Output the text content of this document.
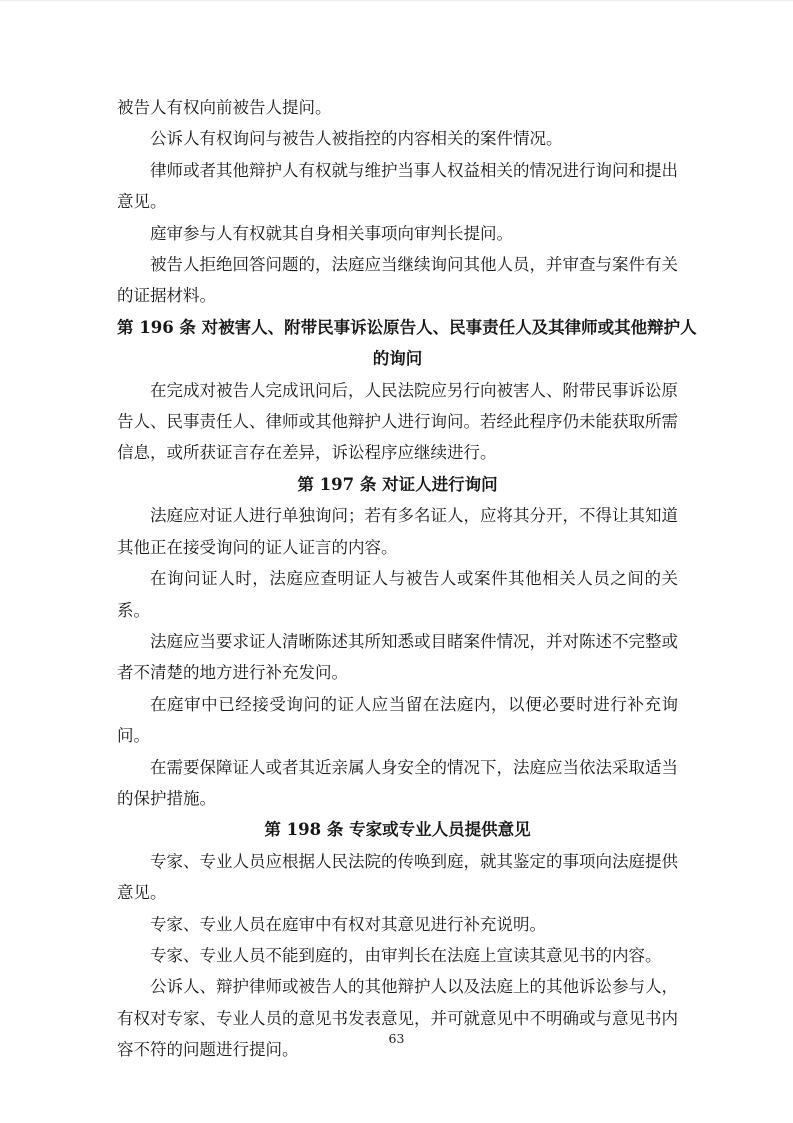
被告人有权向前被告人提问。

公诉人有权询问与被告人被指控的内容相关的案件情况。

律师或者其他辩护人有权就与维护当事人权益相关的情况进行询问和提出意见。

庭审参与人有权就其自身相关事项向审判长提问。

被告人拒绝回答问题的，法庭应当继续询问其他人员，并审查与案件有关的证据材料。

第 196 条 对被害人、附带民事诉讼原告人、民事责任人及其律师或其他辩护人
的询问

在完成对被告人完成讯问后，人民法院应另行向被害人、附带民事诉讼原告人、民事责任人、律师或其他辩护人进行询问。若经此程序仍未能获取所需信息，或所获证言存在差异，诉讼程序应继续进行。

第 197 条 对证人进行询问

法庭应对证人进行单独询问；若有多名证人，应将其分开，不得让其知道其他正在接受询问的证人证言的内容。

在询问证人时，法庭应查明证人与被告人或案件其他相关人员之间的关系。

法庭应当要求证人清晰陈述其所知悉或目睹案件情况，并对陈述不完整或者不清楚的地方进行补充发问。

在庭审中已经接受询问的证人应当留在法庭内，以便必要时进行补充询问。

在需要保障证人或者其近亲属人身安全的情况下，法庭应当依法采取适当的保护措施。

第 198 条 专家或专业人员提供意见

专家、专业人员应根据人民法院的传唤到庭，就其鉴定的事项向法庭提供意见。

专家、专业人员在庭审中有权对其意见进行补充说明。

专家、专业人员不能到庭的，由审判长在法庭上宣读其意见书的内容。

公诉人、辩护律师或被告人的其他辩护人以及法庭上的其他诉讼参与人，有权对专家、专业人员的意见书发表意见，并可就意见中不明确或与意见书内容不符的问题进行提问。

63
